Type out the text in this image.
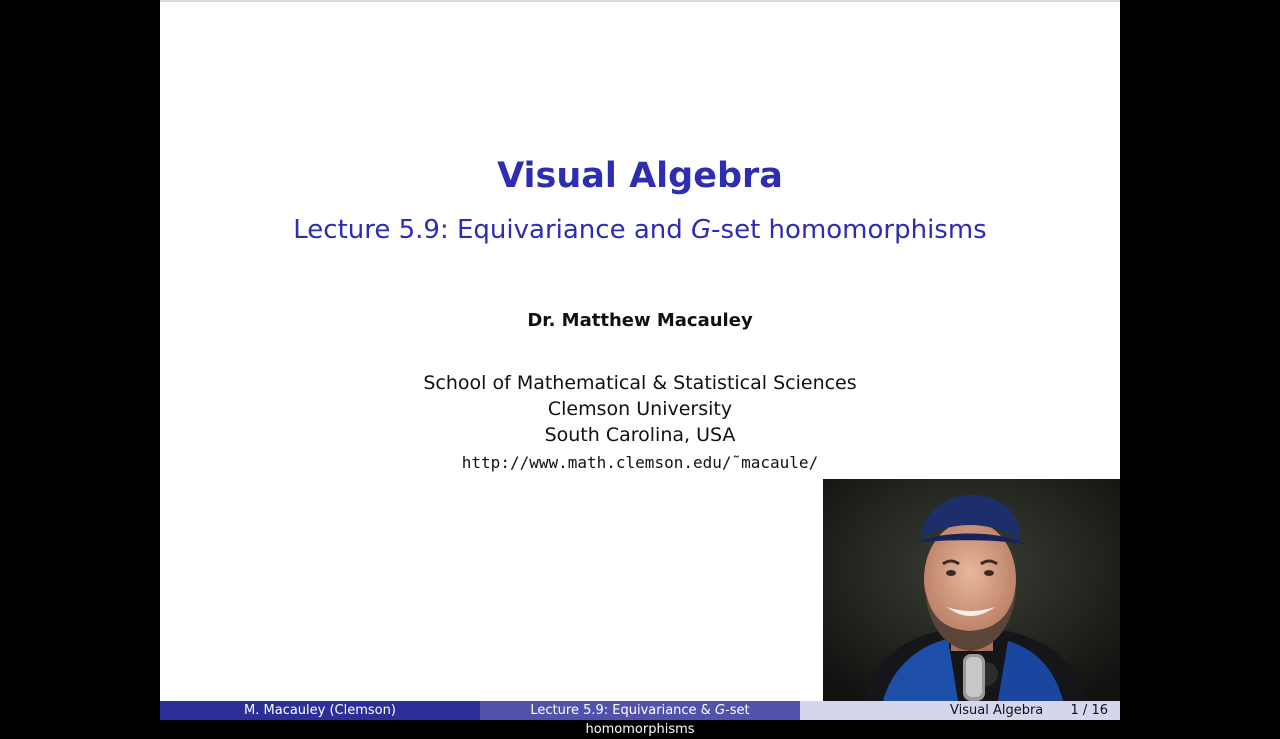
Visual Algebra
Lecture 5.9: Equivariance and G-set homomorphisms
Dr. Matthew Macauley
School of Mathematical & Statistical Sciences
Clemson University
South Carolina, USA
http://www.math.clemson.edu/˜macaule/
M. Macauley (Clemson)	Lecture 5.9: Equivariance & G-set homomorphisms
Visual Algebra 1 / 16
